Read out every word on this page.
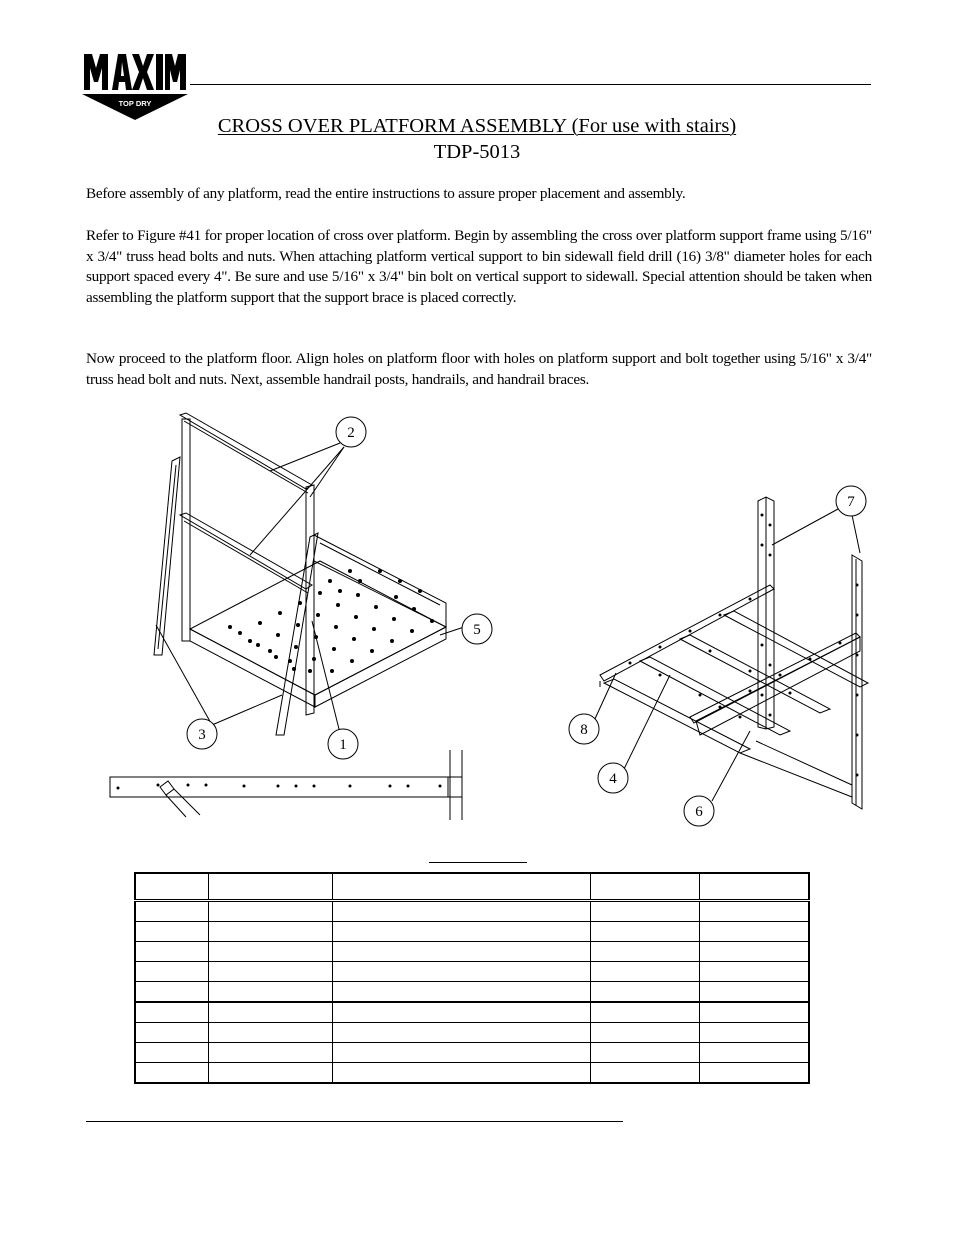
TOP DRY
CROSS OVER PLATFORM ASSEMBLY (For use with stairs)
TDP-5013

Before assembly of any platform, read the entire instructions to assure proper placement and assembly.

Refer to Figure #41 for proper location of cross over platform. Begin by assembling the cross over platform support frame using 5/16" x 3/4" truss head bolts and nuts. When attaching platform vertical support to bin sidewall field drill (16) 3/8" diameter holes for each support spaced every 4". Be sure and use 5/16" x 3/4" bin bolt on vertical support to sidewall. Special attention should be taken when assembling the platform support that the support brace is placed correctly.

Now proceed to the platform floor. Align holes on platform floor with holes on platform support and bolt together using 5/16" x 3/4" truss head bolt and nuts. Next, assemble handrail posts, handrails, and handrail braces.

2
5
3
1
7
8
4
6
